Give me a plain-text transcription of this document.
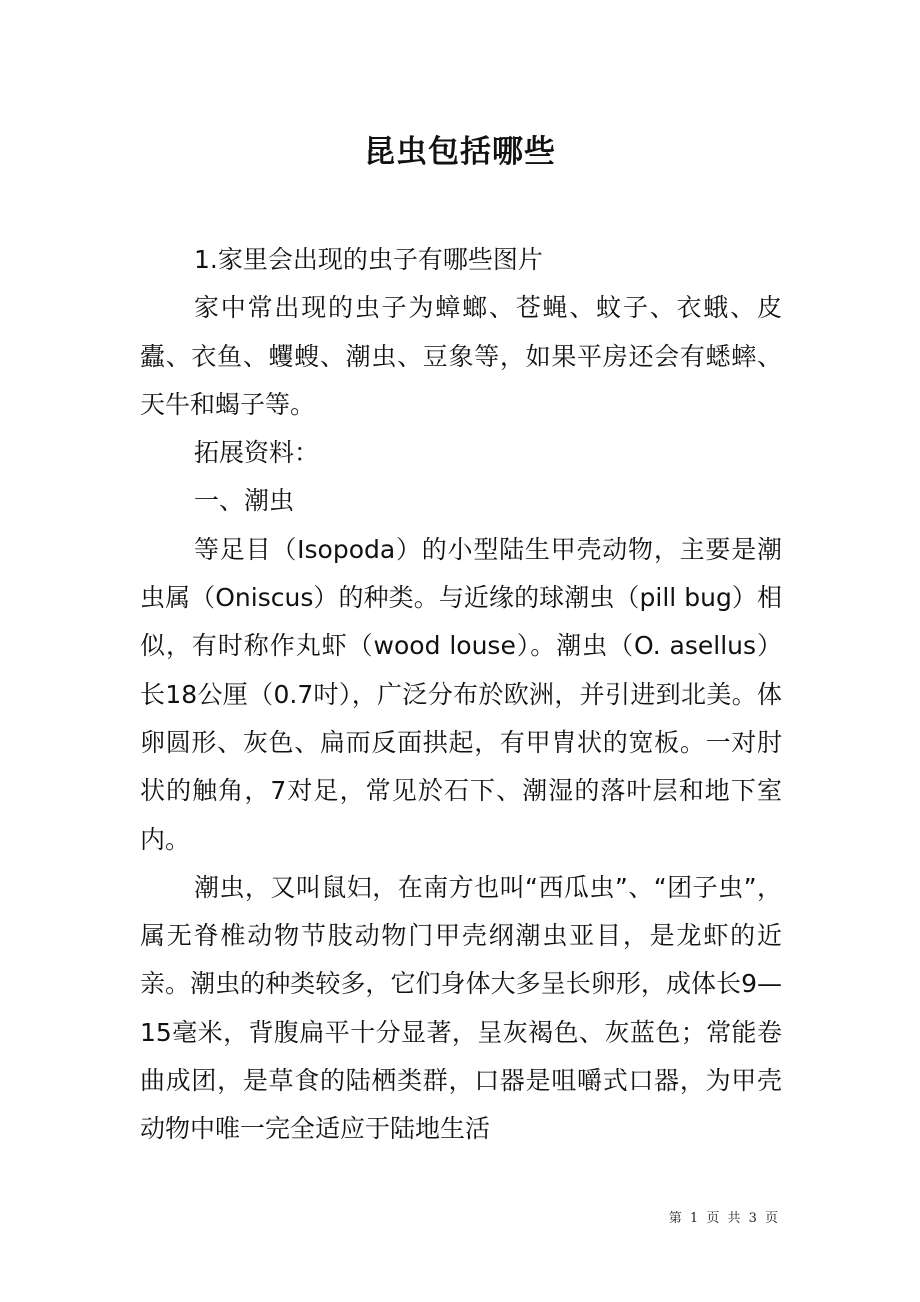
昆虫包括哪些

1.家里会出现的虫子有哪些图片

家中常出现的虫子为蟑螂、苍蝇、蚊子、衣蛾、皮蠹、衣鱼、蠼螋、潮虫、豆象等，如果平房还会有蟋蟀、天牛和蝎子等。

拓展资料：

一、潮虫

等足目（Isopoda）的小型陆生甲壳动物，主要是潮虫属（Oniscus）的种类。与近缘的球潮虫（pill bug）相似，有时称作丸虾（wood louse）。潮虫（O. asellus）长18公厘（0.7吋），广泛分布於欧洲，并引进到北美。体卵圆形、灰色、扁而反面拱起，有甲胄状的宽板。一对肘状的触角，7对足，常见於石下、潮湿的落叶层和地下室内。

潮虫，又叫鼠妇，在南方也叫“西瓜虫”、“团子虫”，属无脊椎动物节肢动物门甲壳纲潮虫亚目，是龙虾的近亲。潮虫的种类较多，它们身体大多呈长卵形，成体长9—15毫米，背腹扁平十分显著，呈灰褐色、灰蓝色；常能卷曲成团，是草食的陆栖类群，口器是咀嚼式口器，为甲壳动物中唯一完全适应于陆地生活

第 1 页 共 3 页
